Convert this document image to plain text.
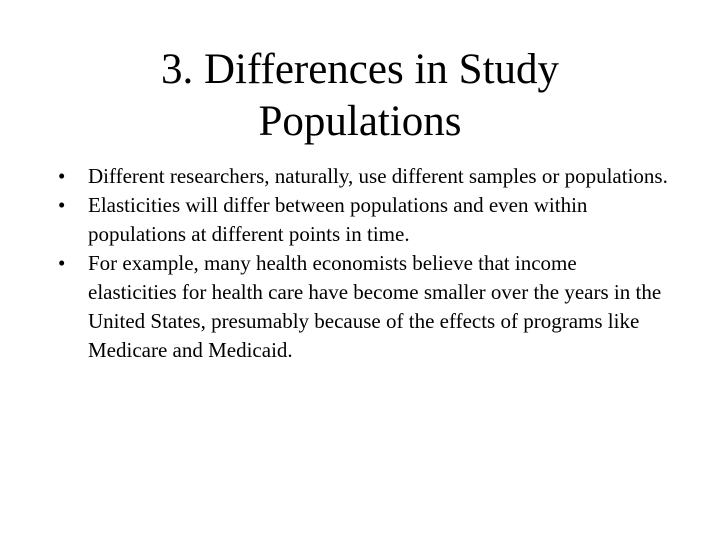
3. Differences in Study
Populations
•	Different researchers, naturally, use different samples or populations.
•	Elasticities will differ between populations and even within populations at different points in time.
•	For example, many health economists believe that income elasticities for health care have become smaller over the years in the United States, presumably because of the effects of programs like Medicare and Medicaid.
